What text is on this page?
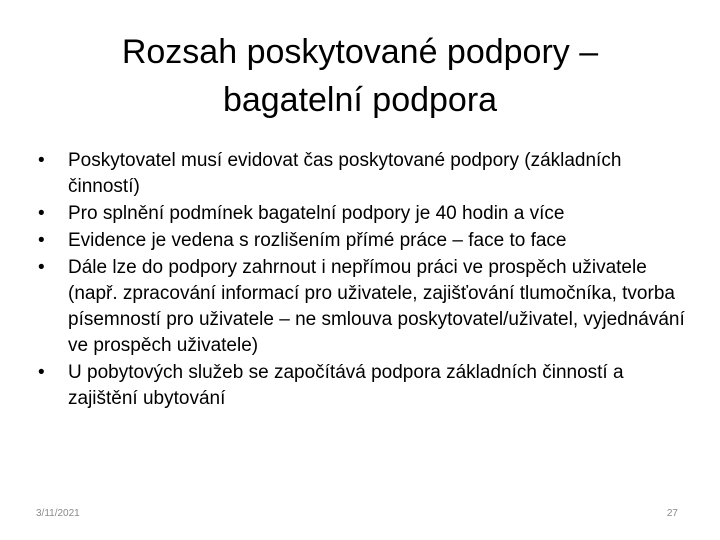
Rozsah poskytované podpory –
bagatelní podpora
•	Poskytovatel musí evidovat čas poskytované podpory (základních činností)
•	Pro splnění podmínek bagatelní podpory je 40 hodin a více
•	Evidence je vedena s rozlišením přímé práce – face to face
•	Dále lze do podpory zahrnout i nepřímou práci ve prospěch uživatele (např. zpracování informací pro uživatele, zajišťování tlumočníka, tvorba písemností pro uživatele – ne smlouva poskytovatel/uživatel, vyjednávání ve prospěch uživatele)
•	U pobytových služeb se započítává podpora základních činností a zajištění ubytování
3/11/2021	27
